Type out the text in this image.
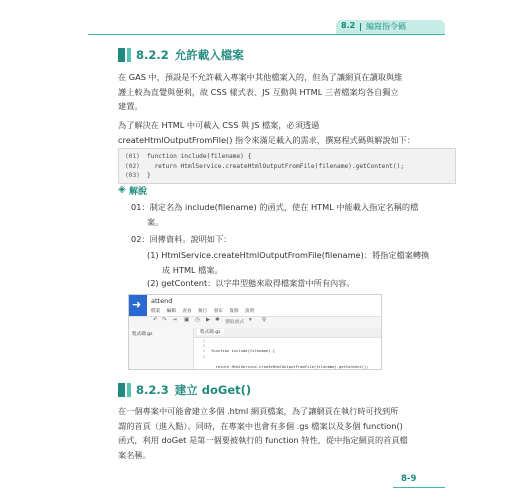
8.2 編寫指令碼
8.2.2 允許載入檔案
在 GAS 中，預設是不允許載入專案中其他檔案入的，但為了讓網頁在讀取與維
護上較為直覺與便利，故 CSS 樣式表、JS 互動與 HTML 三者檔案均各自獨立
建置。
為了解決在 HTML 中可載入 CSS 與 JS 檔案，必須透過
createHtmlOutputFromFile() 指令來滿足載入的需求，撰寫程式碼與解說如下：
(01) function include(filename) {
(02)  return HtmlService.createHtmlOutputFromFile(filename).getContent();
(03) }
◈ 解說
01：制定名為 include(filename) 的函式，使在 HTML 中能載入指定名稱的檔
案。
02：回傳資料。說明如下：
(1) HtmlService.createHtmlOutputFromFile(filename)：將指定檔案轉換
成 HTML 檔案。
(2) getContent：以字串型態來取得檔案當中所有內容。
➜ attend
檔案 編輯 查看 執行 發布 資源 說明
↶ ↷ ⇥ ▣ ◷ ▶ ✱ 選取函式 ▾ ♀
程式碼.gs	程式碼.gs
1
2
3
4

function include(filename) {

return HtmlService.createHtmlOutputFromFile(filename).getContent();

8.2.3 建立 doGet()
在一個專案中可能會建立多個 .html 網頁檔案，為了讓網頁在執行時可找到所
謂的首頁（進入點）。同時，在專案中也會有多個 .gs 檔案以及多個 function()
函式，利用 doGet 是第一個要被執行的 function 特性，從中指定網頁的首頁檔
案名稱。
8-9
